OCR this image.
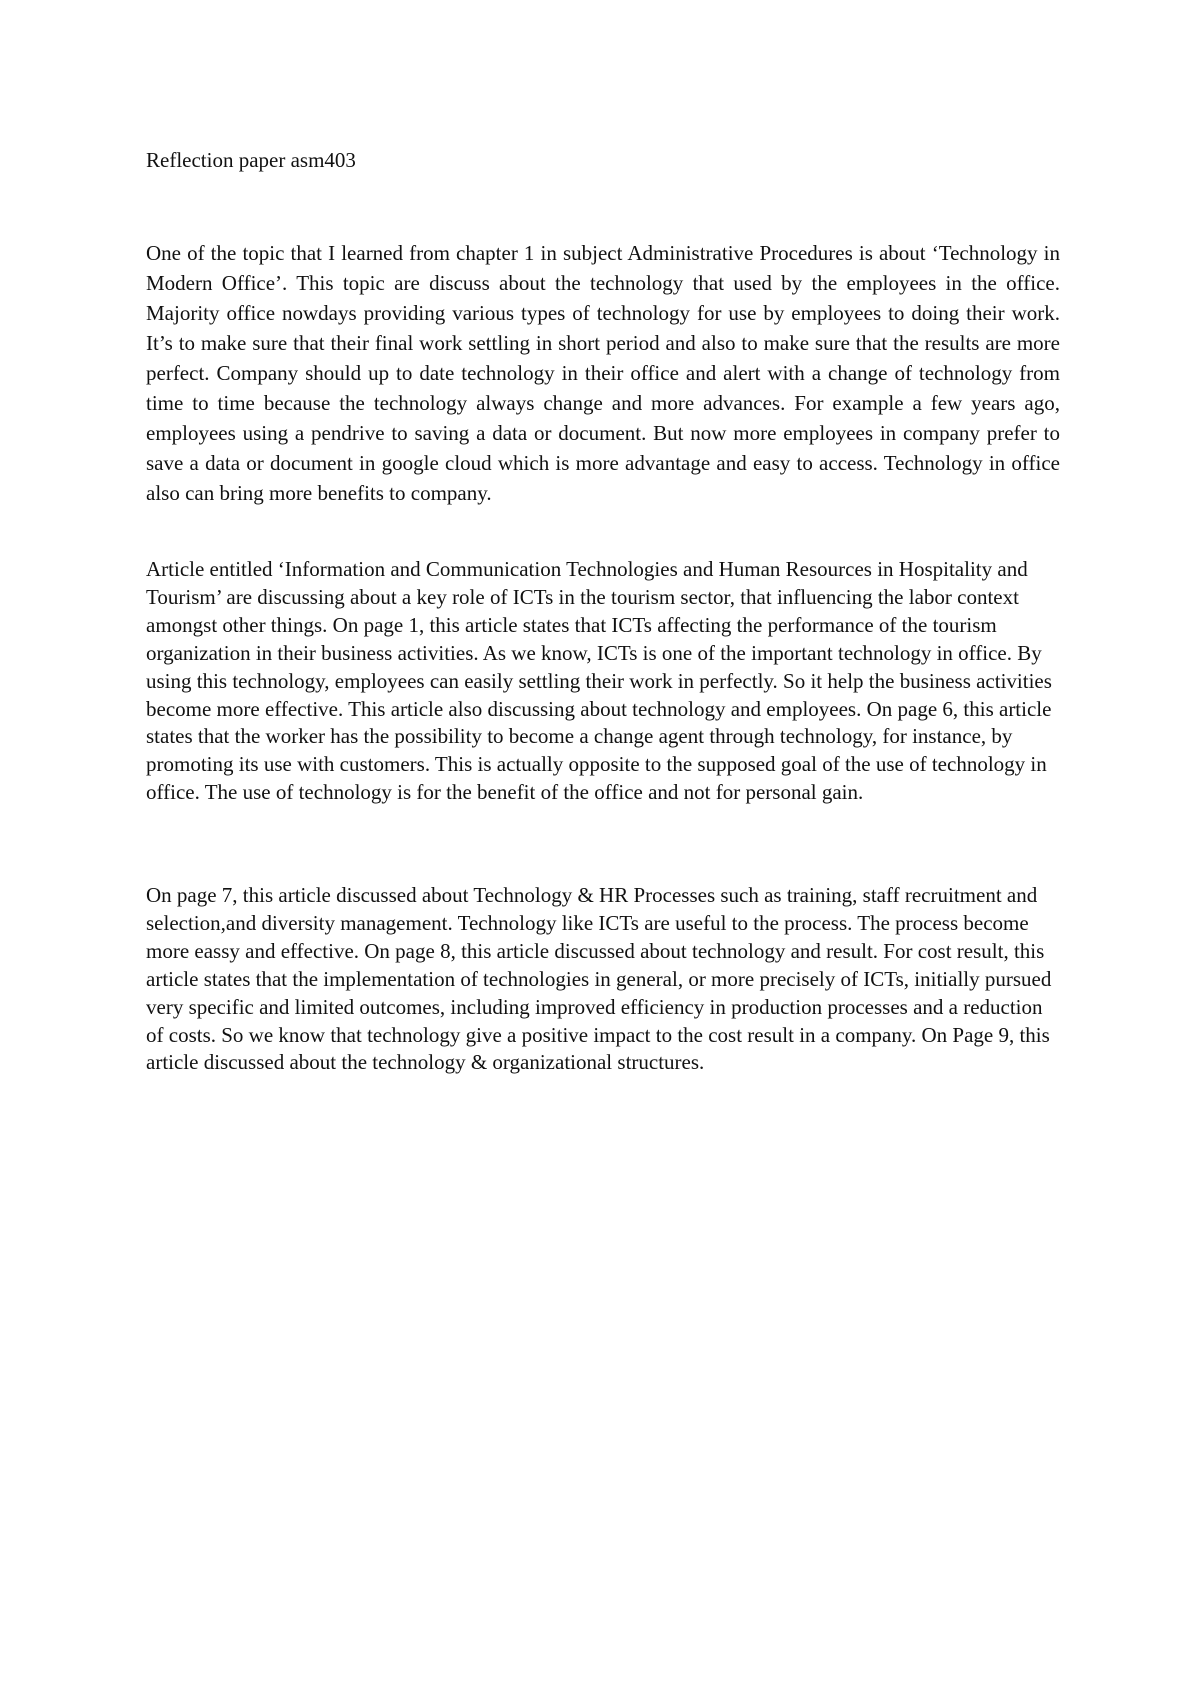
Reflection paper asm403

One of the topic that I learned from chapter 1 in subject Administrative Procedures is about ‘Technology in Modern Office’. This topic are discuss about the technology that used by the employees in the office. Majority office nowdays providing various types of technology for use by employees to doing their work. It’s to make sure that their final work settling in short period and also to make sure that the results are more perfect. Company should up to date technology in their office and alert with a change of technology from time to time because the technology always change and more advances. For example a few years ago, employees using a pendrive to saving a data or document. But now more employees in company prefer to save a data or document in google cloud which is more advantage and easy to access. Technology in office also can bring more benefits to company.

Article entitled ‘Information and Communication Technologies and Human Resources in Hospitality and Tourism’ are discussing about a key role of ICTs in the tourism sector, that influencing the labor context amongst other things. On page 1, this article states that ICTs affecting the performance of the tourism organization in their business activities. As we know, ICTs is one of the important technology in office. By using this technology, employees can easily settling their work in perfectly. So it help the business activities become more effective. This article also discussing about technology and employees. On page 6, this article states that the worker has the possibility to become a change agent through technology, for instance, by promoting its use with customers. This is actually opposite to the supposed goal of the use of technology in office. The use of technology is for the benefit of the office and not for personal gain.

On page 7, this article discussed about Technology & HR Processes such as training, staff recruitment and selection,and diversity management. Technology like ICTs are useful to the process. The process become more eassy and effective. On page 8, this article discussed about technology and result. For cost result, this article states that the implementation of technologies in general, or more precisely of ICTs, initially pursued very specific and limited outcomes, including improved efficiency in production processes and a reduction of costs. So we know that technology give a positive impact to the cost result in a company. On Page 9, this article discussed about the technology & organizational structures.
